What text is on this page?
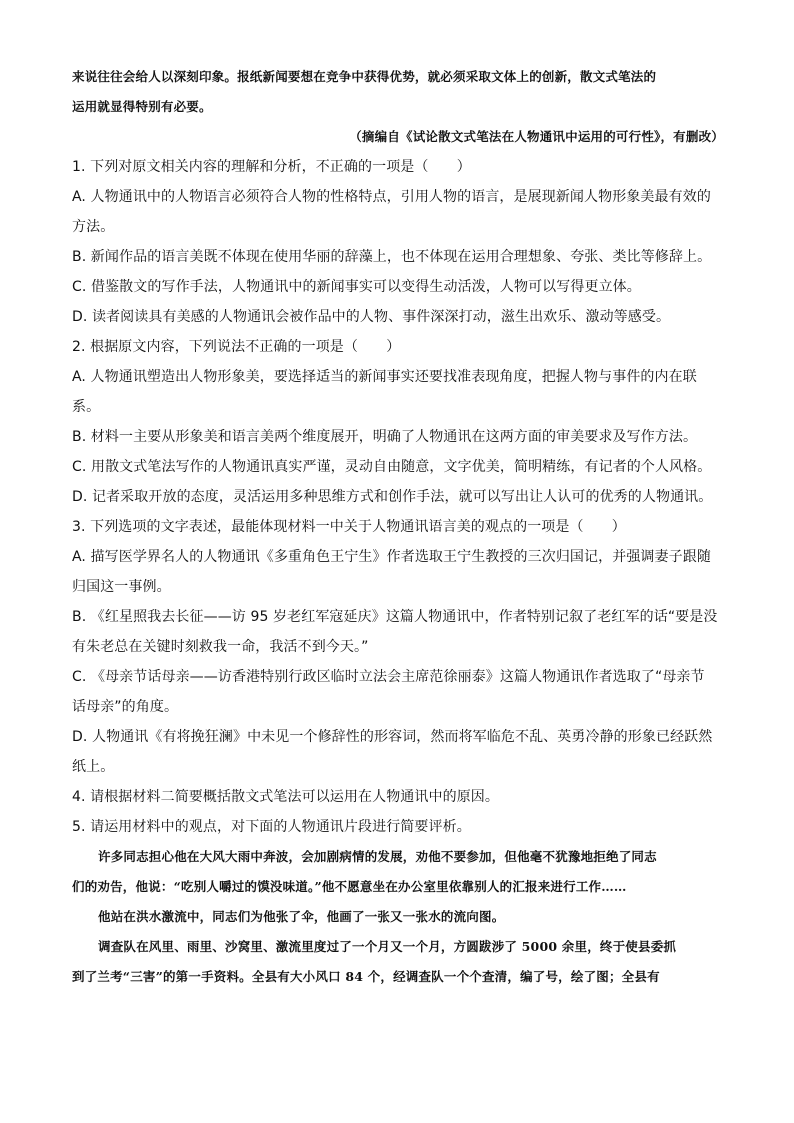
来说往往会给人以深刻印象。报纸新闻要想在竞争中获得优势，就必须采取文体上的创新，散文式笔法的

运用就显得特别有必要。

（摘编自《试论散文式笔法在人物通讯中运用的可行性》，有删改）

1. 下列对原文相关内容的理解和分析，不正确的一项是（　　）

A. 人物通讯中的人物语言必须符合人物的性格特点，引用人物的语言，是展现新闻人物形象美最有效的

方法。

B. 新闻作品的语言美既不体现在使用华丽的辞藻上，也不体现在运用合理想象、夸张、类比等修辞上。

C. 借鉴散文的写作手法，人物通讯中的新闻事实可以变得生动活泼，人物可以写得更立体。

D. 读者阅读具有美感的人物通讯会被作品中的人物、事件深深打动，滋生出欢乐、激动等感受。

2. 根据原文内容，下列说法不正确的一项是（　　）

A. 人物通讯塑造出人物形象美，要选择适当的新闻事实还要找准表现角度，把握人物与事件的内在联

系。

B. 材料一主要从形象美和语言美两个维度展开，明确了人物通讯在这两方面的审美要求及写作方法。

C. 用散文式笔法写作的人物通讯真实严谨，灵动自由随意，文字优美，简明精练，有记者的个人风格。

D. 记者采取开放的态度，灵活运用多种思维方式和创作手法，就可以写出让人认可的优秀的人物通讯。

3. 下列选项的文字表述，最能体现材料一中关于人物通讯语言美的观点的一项是（　　）

A. 描写医学界名人的人物通讯《多重角色王宁生》作者选取王宁生教授的三次归国记，并强调妻子跟随

归国这一事例。

B. 《红星照我去长征——访 95 岁老红军寇延庆》这篇人物通讯中，作者特别记叙了老红军的话“要是没

有朱老总在关键时刻救我一命，我活不到今天。”

C. 《母亲节话母亲——访香港特别行政区临时立法会主席范徐丽泰》这篇人物通讯作者选取了“母亲节

话母亲”的角度。

D. 人物通讯《有将挽狂澜》中未见一个修辞性的形容词，然而将军临危不乱、英勇冷静的形象已经跃然

纸上。

4. 请根据材料二简要概括散文式笔法可以运用在人物通讯中的原因。

5. 请运用材料中的观点，对下面的人物通讯片段进行简要评析。

许多同志担心他在大风大雨中奔波，会加剧病情的发展，劝他不要参加，但他毫不犹豫地拒绝了同志

们的劝告，他说：“吃别人嚼过的馍没味道。”他不愿意坐在办公室里依靠别人的汇报来进行工作……

他站在洪水激流中，同志们为他张了伞，他画了一张又一张水的流向图。

调查队在风里、雨里、沙窝里、激流里度过了一个月又一个月，方圆跋涉了 5000 余里，终于使县委抓

到了兰考“三害”的第一手资料。全县有大小风口 84 个，经调查队一个个查清，编了号，绘了图；全县有
